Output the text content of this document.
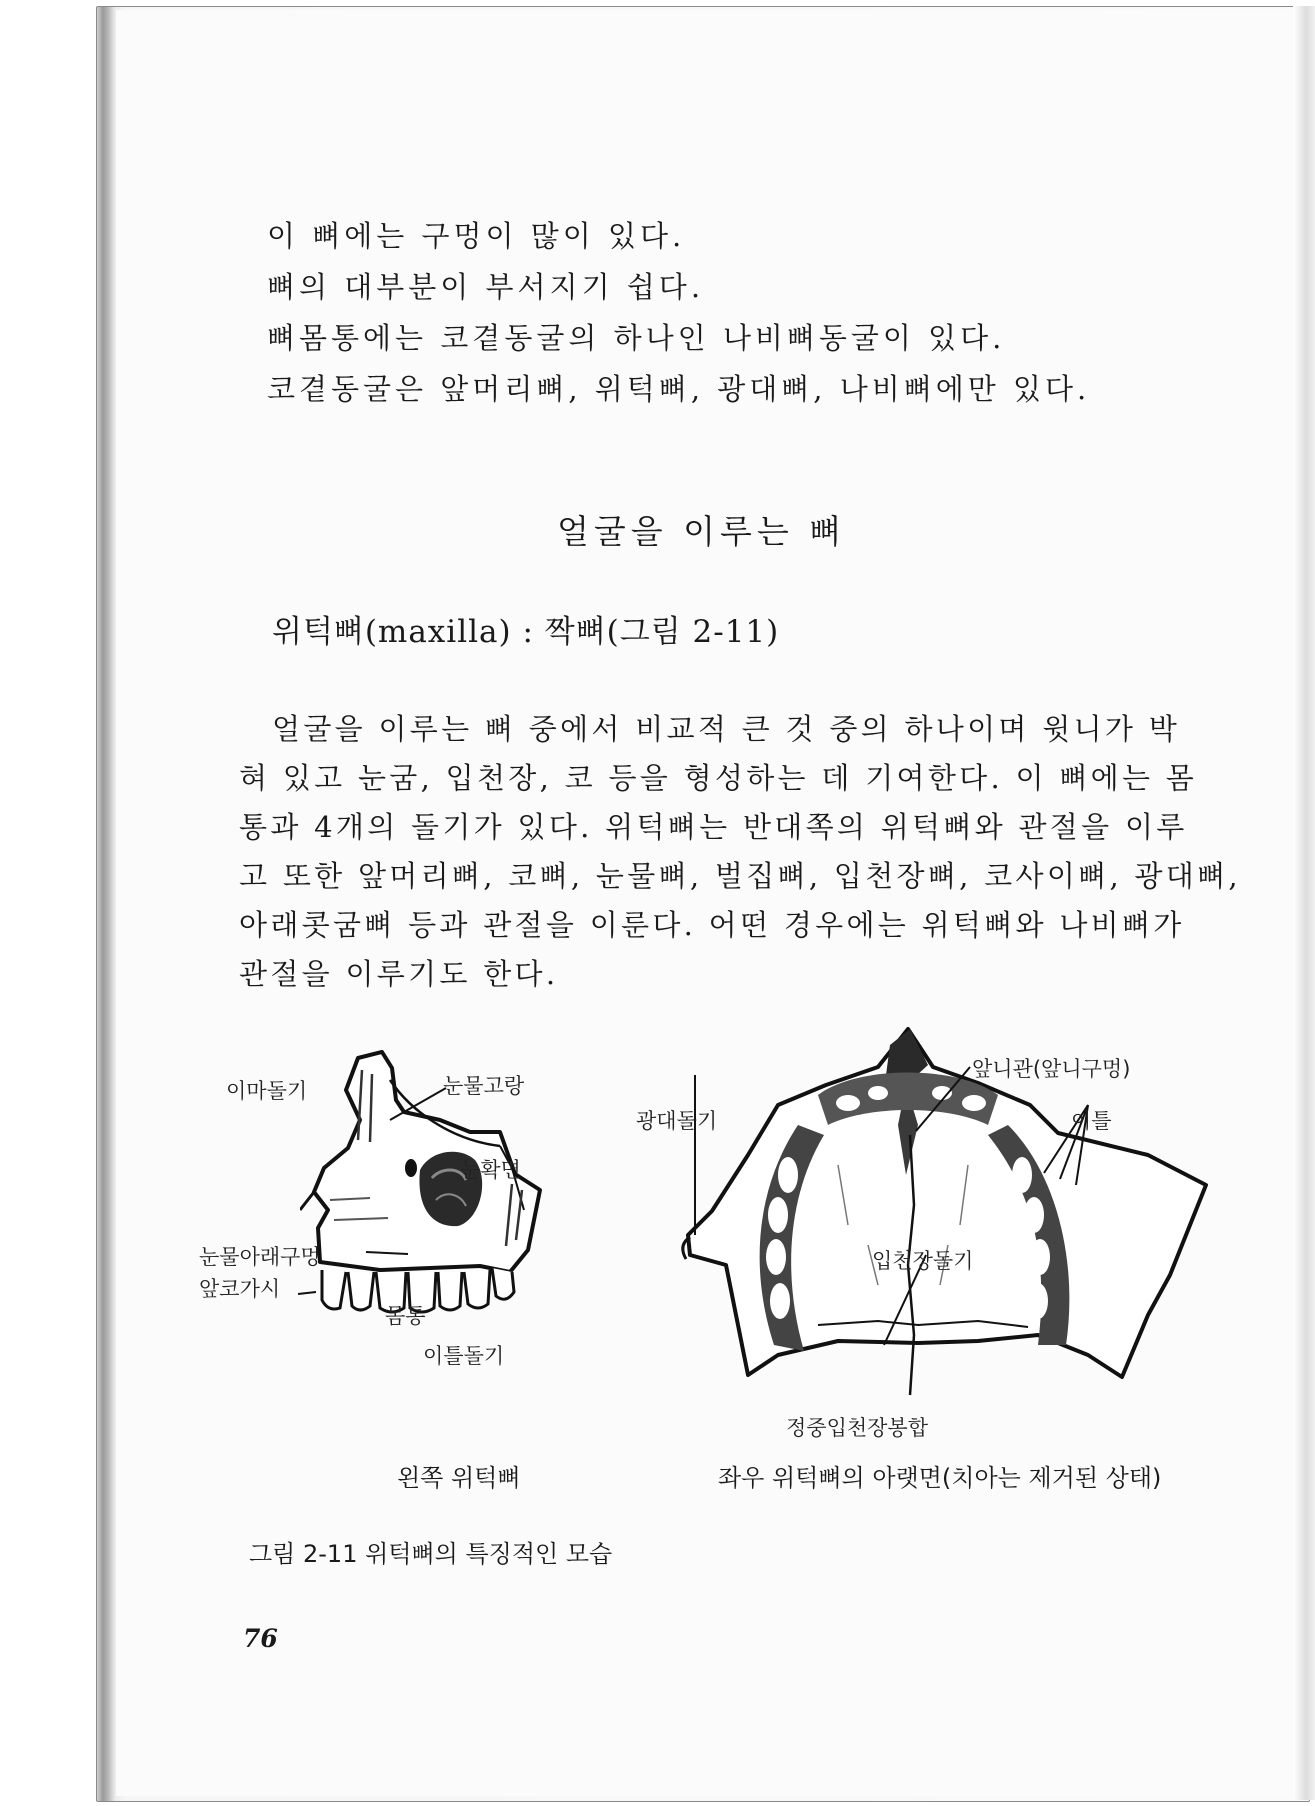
이 뼈에는 구멍이 많이 있다.
뼈의 대부분이 부서지기 쉽다.
뼈몸통에는 코곁동굴의 하나인 나비뼈동굴이 있다.
코곁동굴은 앞머리뼈, 위턱뼈, 광대뼈, 나비뼈에만 있다.
얼굴을 이루는 뼈
위턱뼈(maxilla) : 짝뼈(그림 2-11)
얼굴을 이루는 뼈 중에서 비교적 큰 것 중의 하나이며 윗니가 박
혀 있고 눈굼, 입천장, 코 등을 형성하는 데 기여한다. 이 뼈에는 몸
통과 4개의 돌기가 있다. 위턱뼈는 반대쪽의 위턱뼈와 관절을 이루
고 또한 앞머리뼈, 코뼈, 눈물뼈, 벌집뼈, 입천장뼈, 코사이뼈, 광대뼈,
아래콧굼뼈 등과 관절을 이룬다. 어떤 경우에는 위턱뼈와 나비뼈가
관절을 이루기도 한다.
이마돌기	눈물고랑
눈확면
눈물아래구멍
앞코가시
몸통
이틀돌기
앞니관(앞니구멍)
광대돌기	이틀
입천장돌기
정중입천장봉합
왼쪽 위턱뼈	좌우 위턱뼈의 아랫면(치아는 제거된 상태)
그림 2-11 위턱뼈의 특징적인 모습
76
